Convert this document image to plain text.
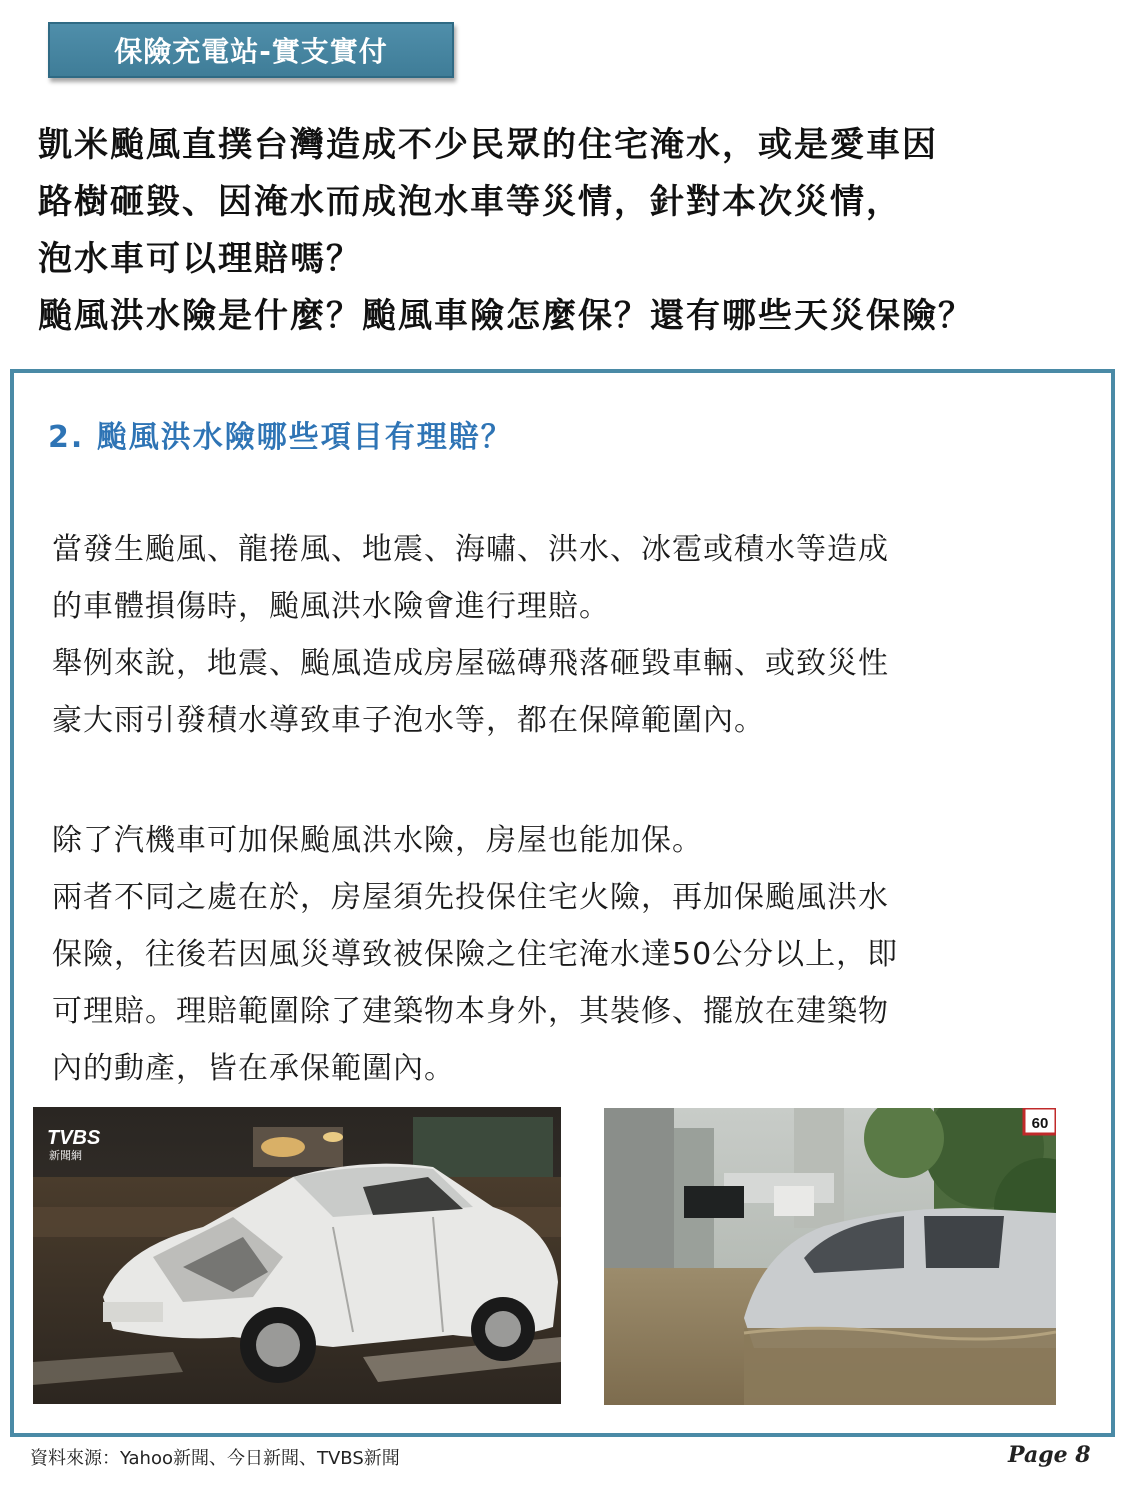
保險充電站-實支實付
凱米颱風直撲台灣造成不少民眾的住宅淹水，或是愛車因
路樹砸毀、因淹水而成泡水車等災情，針對本次災情，
泡水車可以理賠嗎？
颱風洪水險是什麼？颱風車險怎麼保？還有哪些天災保險？
2. 颱風洪水險哪些項目有理賠？
當發生颱風、龍捲風、地震、海嘯、洪水、冰雹或積水等造成
的車體損傷時，颱風洪水險會進行理賠。
舉例來說，地震、颱風造成房屋磁磚飛落砸毀車輛、或致災性
豪大雨引發積水導致車子泡水等，都在保障範圍內。
除了汽機車可加保颱風洪水險，房屋也能加保。
兩者不同之處在於，房屋須先投保住宅火險，再加保颱風洪水
保險，往後若因風災導致被保險之住宅淹水達50公分以上，即
可理賠。理賠範圍除了建築物本身外，其裝修、擺放在建築物
內的動產，皆在承保範圍內。
TVBS
新聞網
60
資料來源：Yahoo新聞、今日新聞、TVBS新聞	Page 8
